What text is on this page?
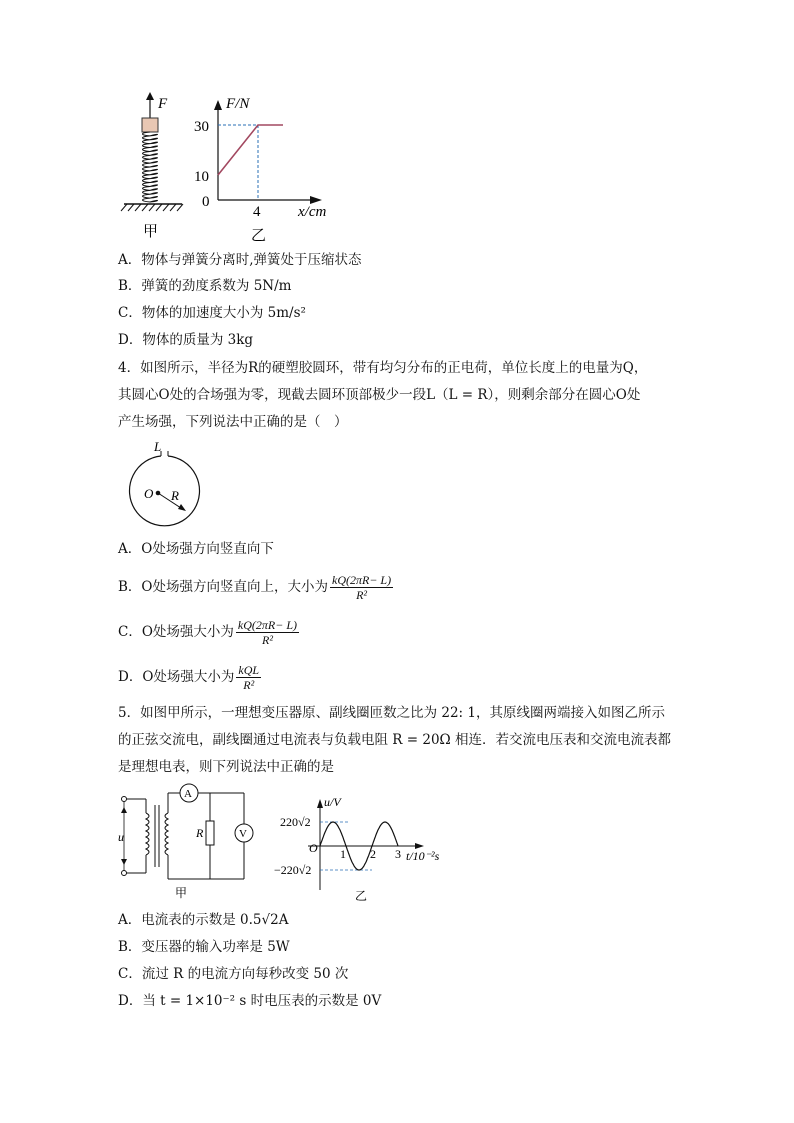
F
甲
F/N
30
10
0
4	x/cm
乙
A．物体与弹簧分离时,弹簧处于压缩状态
B．弹簧的劲度系数为 5N/m
C．物体的加速度大小为 5m/s²
D．物体的质量为 3kg
4．如图所示，半径为R的硬塑胶圆环，带有均匀分布的正电荷，单位长度上的电量为Q，
其圆心O处的合场强为零，现截去圆环顶部极少一段L（L = R），则剩余部分在圆心O处
产生场强，下列说法中正确的是（　）
L
O R
A．O处场强方向竖直向下
B．O处场强方向竖直向上，大小为 $\frac{kQ(2\pi R- L)}{\text{R²}}$
C．O处场强大小为 $\frac{kQ(2\pi R- L)}{\text{R²}}$
D．O处场强大小为 $\frac{\text{kQL}}{\text{R²}}$
5．如图甲所示，一理想变压器原、副线圈匝数之比为 22: 1，其原线圈两端接入如图乙所示
的正弦交流电，副线圈通过电流表与负载电阻 R = 20Ω 相连．若交流电压表和交流电流表都
是理想电表，则下列说法中正确的是
u
A
R	V
甲
u/V
220√2
−220√2
O 1 2 3 t/10⁻²s
乙
A．电流表的示数是 0.5√2A
B．变压器的输入功率是 5W
C．流过 R 的电流方向每秒改变 50 次
D．当 t = 1×10⁻² s 时电压表的示数是 0V
